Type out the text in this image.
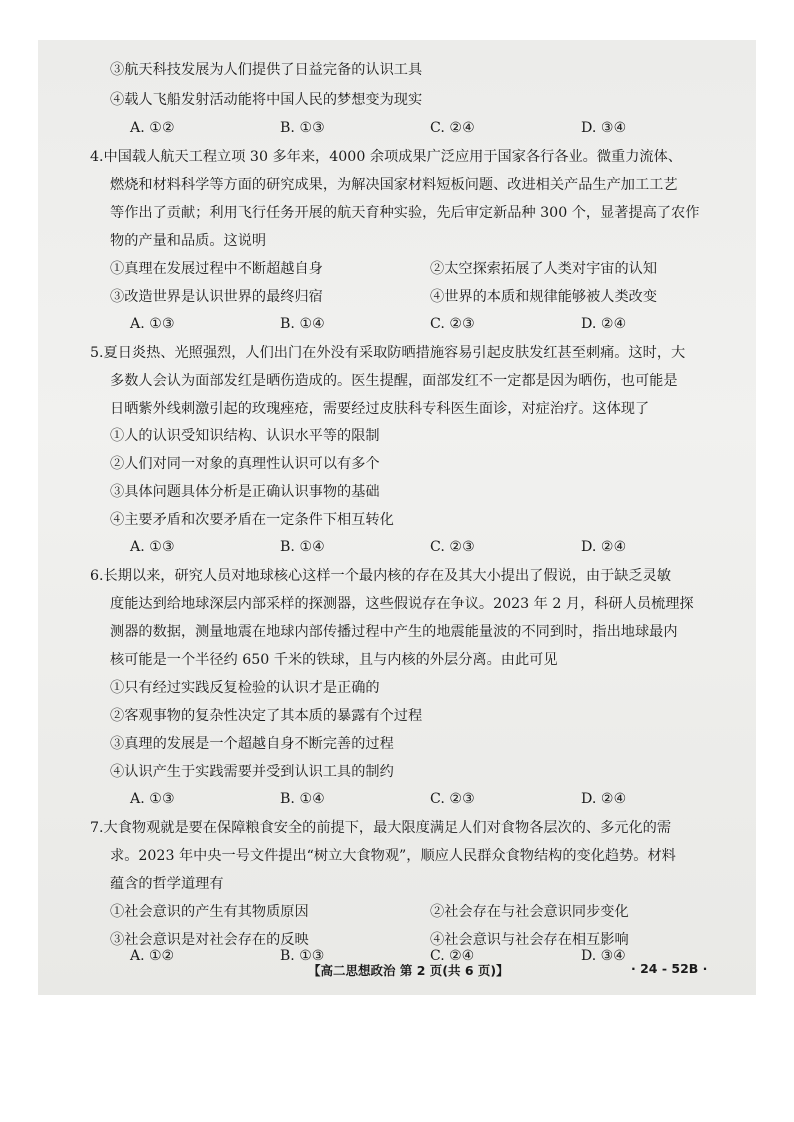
③航天科技发展为人们提供了日益完备的认识工具
④载人飞船发射活动能将中国人民的梦想变为现实
A. ①②	B. ①③	C. ②④	D. ③④
4.中国载人航天工程立项 30 多年来，4000 余项成果广泛应用于国家各行各业。微重力流体、
燃烧和材料科学等方面的研究成果，为解决国家材料短板问题、改进相关产品生产加工工艺
等作出了贡献；利用飞行任务开展的航天育种实验，先后审定新品种 300 个，显著提高了农作
物的产量和品质。这说明
①真理在发展过程中不断超越自身	②太空探索拓展了人类对宇宙的认知
③改造世界是认识世界的最终归宿	④世界的本质和规律能够被人类改变
A. ①③	B. ①④	C. ②③	D. ②④
5.夏日炎热、光照强烈，人们出门在外没有采取防晒措施容易引起皮肤发红甚至刺痛。这时，大
多数人会认为面部发红是晒伤造成的。医生提醒，面部发红不一定都是因为晒伤，也可能是
日晒紫外线刺激引起的玫瑰痤疮，需要经过皮肤科专科医生面诊，对症治疗。这体现了
①人的认识受知识结构、认识水平等的限制
②人们对同一对象的真理性认识可以有多个
③具体问题具体分析是正确认识事物的基础
④主要矛盾和次要矛盾在一定条件下相互转化
A. ①③	B. ①④	C. ②③	D. ②④
6.长期以来，研究人员对地球核心这样一个最内核的存在及其大小提出了假说，由于缺乏灵敏
度能达到给地球深层内部采样的探测器，这些假说存在争议。2023 年 2 月，科研人员梳理探
测器的数据，测量地震在地球内部传播过程中产生的地震能量波的不同到时，指出地球最内
核可能是一个半径约 650 千米的铁球，且与内核的外层分离。由此可见
①只有经过实践反复检验的认识才是正确的
②客观事物的复杂性决定了其本质的暴露有个过程
③真理的发展是一个超越自身不断完善的过程
④认识产生于实践需要并受到认识工具的制约
A. ①③	B. ①④	C. ②③	D. ②④
7.大食物观就是要在保障粮食安全的前提下，最大限度满足人们对食物各层次的、多元化的需
求。2023 年中央一号文件提出“树立大食物观”，顺应人民群众食物结构的变化趋势。材料
蕴含的哲学道理有
①社会意识的产生有其物质原因	②社会存在与社会意识同步变化
③社会意识是对社会存在的反映	④社会意识与社会存在相互影响
【高二思想政治 第 2 页(共 6 页)】	· 24 - 52B ·
A. ①②	B. ①③	C. ②④	D. ③④
